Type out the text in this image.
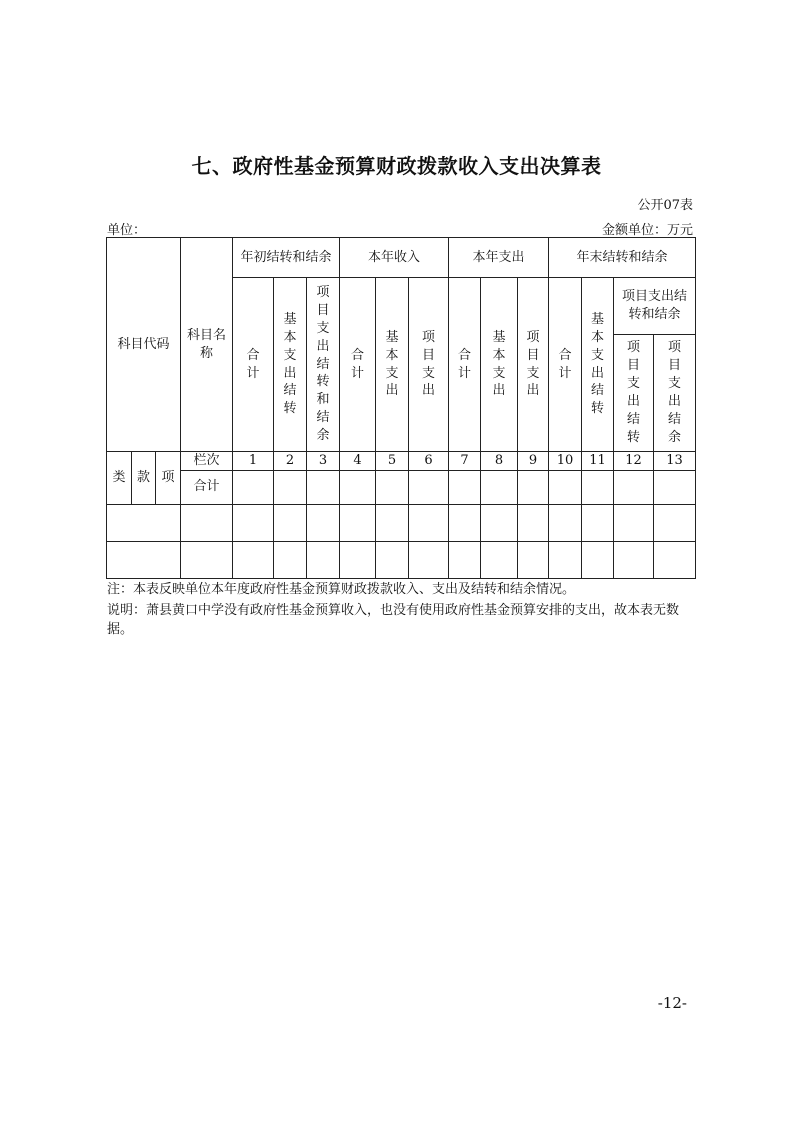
七、政府性基金预算财政拨款收入支出决算表
公开07表
单位：	金额单位：万元
科目代码			科目名称	年初结转和结余			本年收入			本年支出			年末结转和结余			
				合计	基本支出结转	项目支出结转和结余	合计	基本支出	项目支出	合计	基本支出	项目支出	合计	基本支出结转	项目支出结转和结余	

															项目支出结转	项目支出结余
类	款	项	栏次	1	2	3	4	5	6	7	8	9	10	11	12	13
			合计													

注：本表反映单位本年度政府性基金预算财政拨款收入、支出及结转和结余情况。
说明：萧县黄口中学没有政府性基金预算收入，也没有使用政府性基金预算安排的支出，故本表无数据。
-12-
